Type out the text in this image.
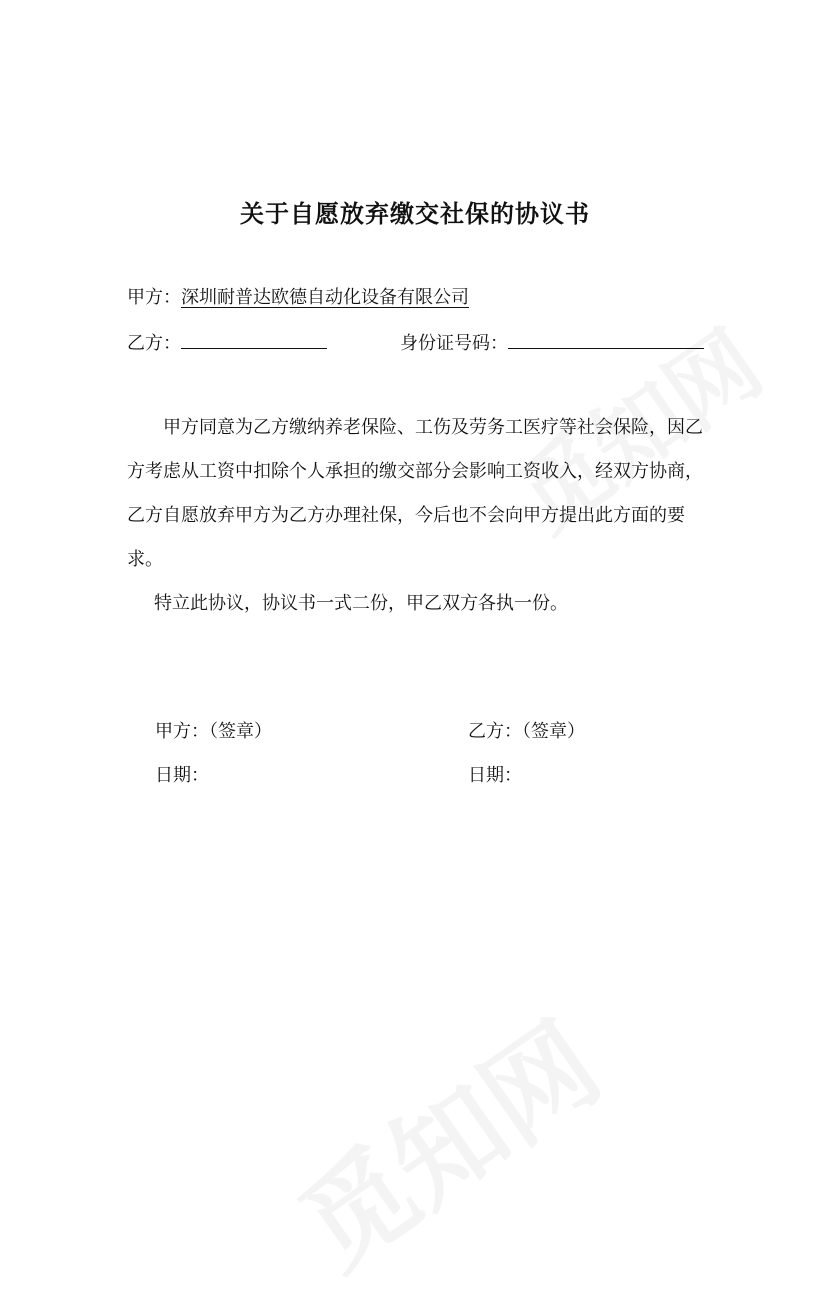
关于自愿放弃缴交社保的协议书
甲方：深圳耐普达欧德自动化设备有限公司
乙方：	身份证号码：

甲方同意为乙方缴纳养老保险、工伤及劳务工医疗等社会保险，因乙方考虑从工资中扣除个人承担的缴交部分会影响工资收入，经双方协商，乙方自愿放弃甲方为乙方办理社保，今后也不会向甲方提出此方面的要求。

特立此协议，协议书一式二份，甲乙双方各执一份。

甲方：（签章）	乙方：（签章）
日期：	日期：
